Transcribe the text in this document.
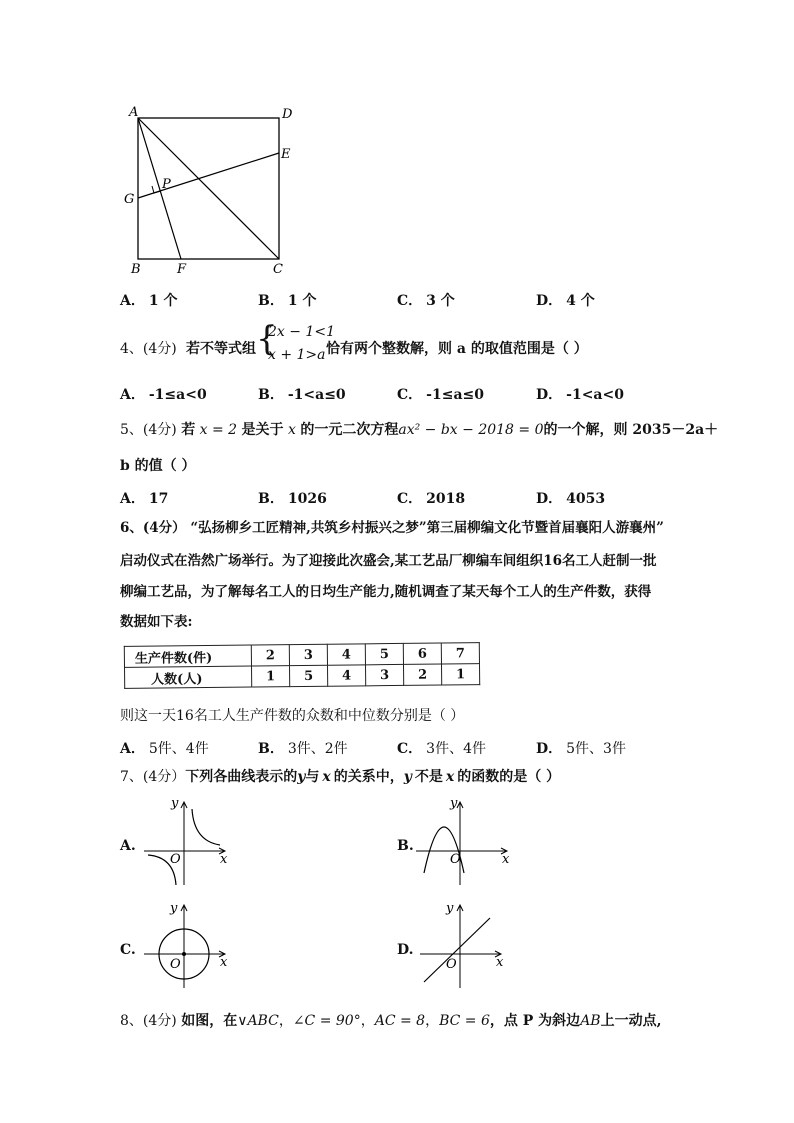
A	D
E
P
G
B	F	C
A． 1 个	B． 1 个	C． 3 个	D． 4 个
4、(4分) 若不等式组 {
2x − 1<1
x + 1>a 恰有两个整数解，则 a 的取值范围是（ ）
A． -1≤a<0	B． -1<a≤0	C． -1≤a≤0	D． -1<a<0
5、(4分) 若 x = 2 是关于 x 的一元二次方程ax² − bx − 2018 = 0的一个解，则 2035－2a＋
b 的值（ ）
A． 17	B． 1026	C． 2018	D． 4053
6、(4分） “弘扬柳乡工匠精神,共筑乡村振兴之梦”第三届柳编文化节暨首届襄阳人游襄州”
启动仪式在浩然广场举行。为了迎接此次盛会,某工艺品厂柳编车间组织16名工人赶制一批
柳编工艺品，为了解每名工人的日均生产能力,随机调查了某天每个工人的生产件数，获得
数据如下表:
生产件数(件)	2	3	4	5	6	7
人数(人)	1	5	4	3	2	1
则这一天16名工人生产件数的众数和中位数分别是（ ）
A． 5件、4件	B． 3件、2件	C． 3件、4件	D． 5件、3件
7、(4分）下列各曲线表示的y与 x 的关系中，y 不是 x 的函数的是（ ）
A.
y
x
O
B.
y
x
O
C.
y
x
O
D.
y
x
O
8、(4分) 如图，在∨ABC，∠C = 90°，AC = 8，BC = 6，点 P 为斜边AB上一动点,
